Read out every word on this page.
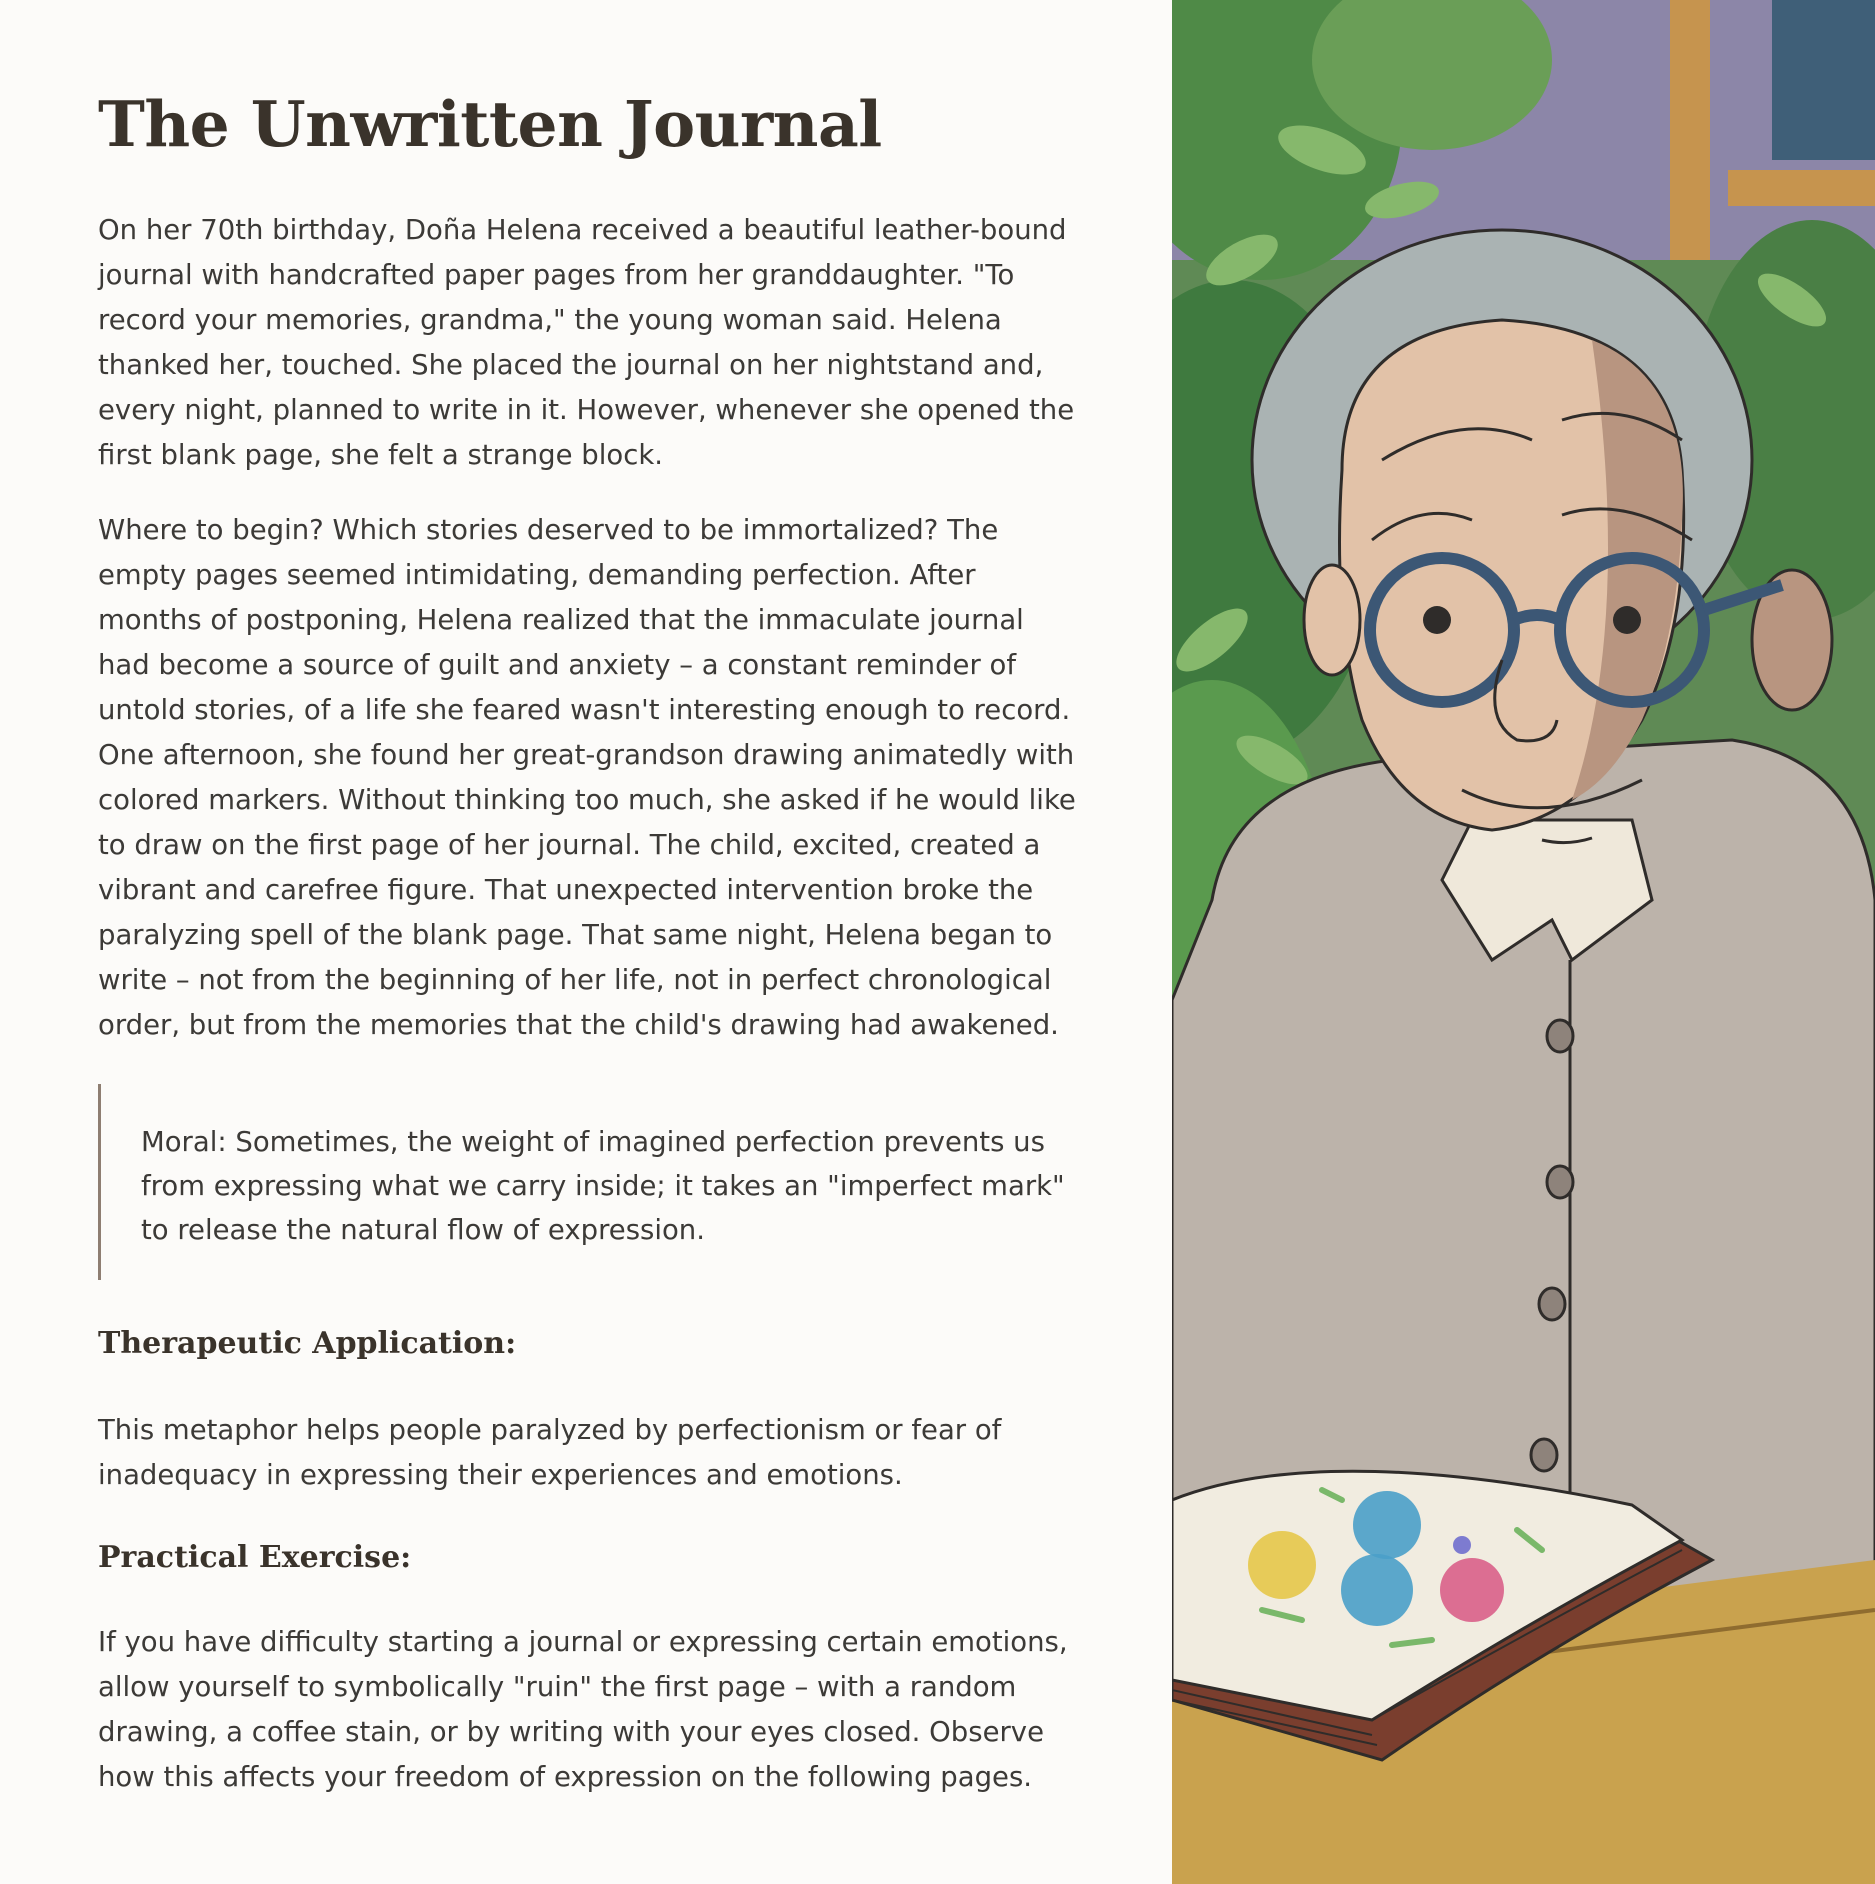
The Unwritten Journal

On her 70th birthday, Doña Helena received a beautiful leather-bound journal with handcrafted paper pages from her granddaughter. "To record your memories, grandma," the young woman said. Helena thanked her, touched. She placed the journal on her nightstand and, every night, planned to write in it. However, whenever she opened the first blank page, she felt a strange block.

Where to begin? Which stories deserved to be immortalized? The empty pages seemed intimidating, demanding perfection. After months of postponing, Helena realized that the immaculate journal had become a source of guilt and anxiety – a constant reminder of untold stories, of a life she feared wasn't interesting enough to record. One afternoon, she found her great-grandson drawing animatedly with colored markers. Without thinking too much, she asked if he would like to draw on the first page of her journal. The child, excited, created a vibrant and carefree figure. That unexpected intervention broke the paralyzing spell of the blank page. That same night, Helena began to write – not from the beginning of her life, not in perfect chronological order, but from the memories that the child's drawing had awakened.

Moral: Sometimes, the weight of imagined perfection prevents us from expressing what we carry inside; it takes an "imperfect mark" to release the natural flow of expression.

Therapeutic Application:

This metaphor helps people paralyzed by perfectionism or fear of inadequacy in expressing their experiences and emotions.

Practical Exercise:

If you have difficulty starting a journal or expressing certain emotions, allow yourself to symbolically "ruin" the first page – with a random drawing, a coffee stain, or by writing with your eyes closed. Observe how this affects your freedom of expression on the following pages.
